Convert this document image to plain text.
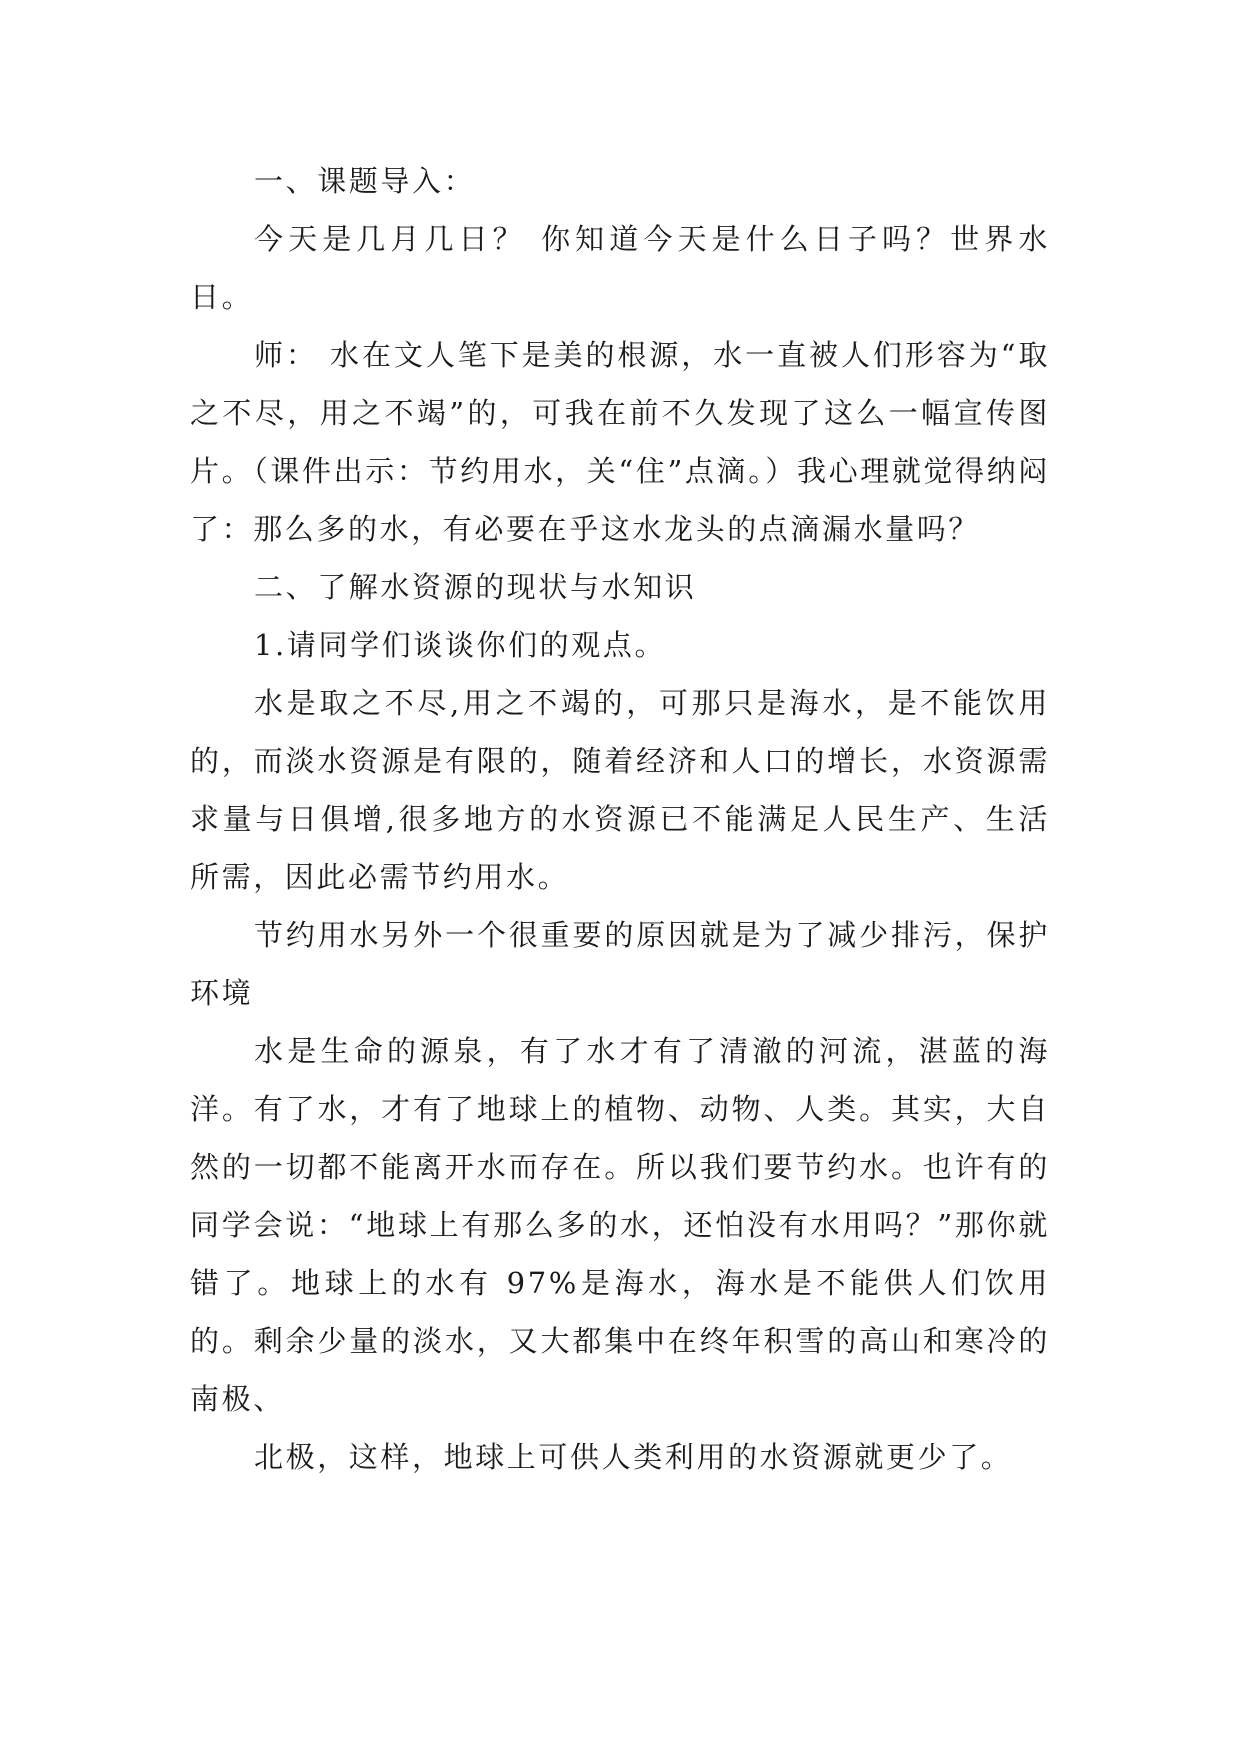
一、课题导入：

今天是几月几日？ 你知道今天是什么日子吗？世界水日。

师： 水在文人笔下是美的根源，水一直被人们形容为“取之不尽，用之不竭”的，可我在前不久发现了这么一幅宣传图片。（课件出示：节约用水，关“住”点滴。）我心理就觉得纳闷了：那么多的水，有必要在乎这水龙头的点滴漏水量吗？

二、了解水资源的现状与水知识

1.请同学们谈谈你们的观点。

水是取之不尽,用之不竭的，可那只是海水，是不能饮用的，而淡水资源是有限的，随着经济和人口的增长，水资源需求量与日俱增,很多地方的水资源已不能满足人民生产、生活所需，因此必需节约用水。

节约用水另外一个很重要的原因就是为了减少排污，保护环境

水是生命的源泉，有了水才有了清澈的河流，湛蓝的海洋。有了水，才有了地球上的植物、动物、人类。其实，大自然的一切都不能离开水而存在。所以我们要节约水。也许有的同学会说：“地球上有那么多的水，还怕没有水用吗？”那你就错了。地球上的水有 97%是海水，海水是不能供人们饮用的。剩余少量的淡水，又大都集中在终年积雪的高山和寒冷的南极、

北极，这样，地球上可供人类利用的水资源就更少了。
